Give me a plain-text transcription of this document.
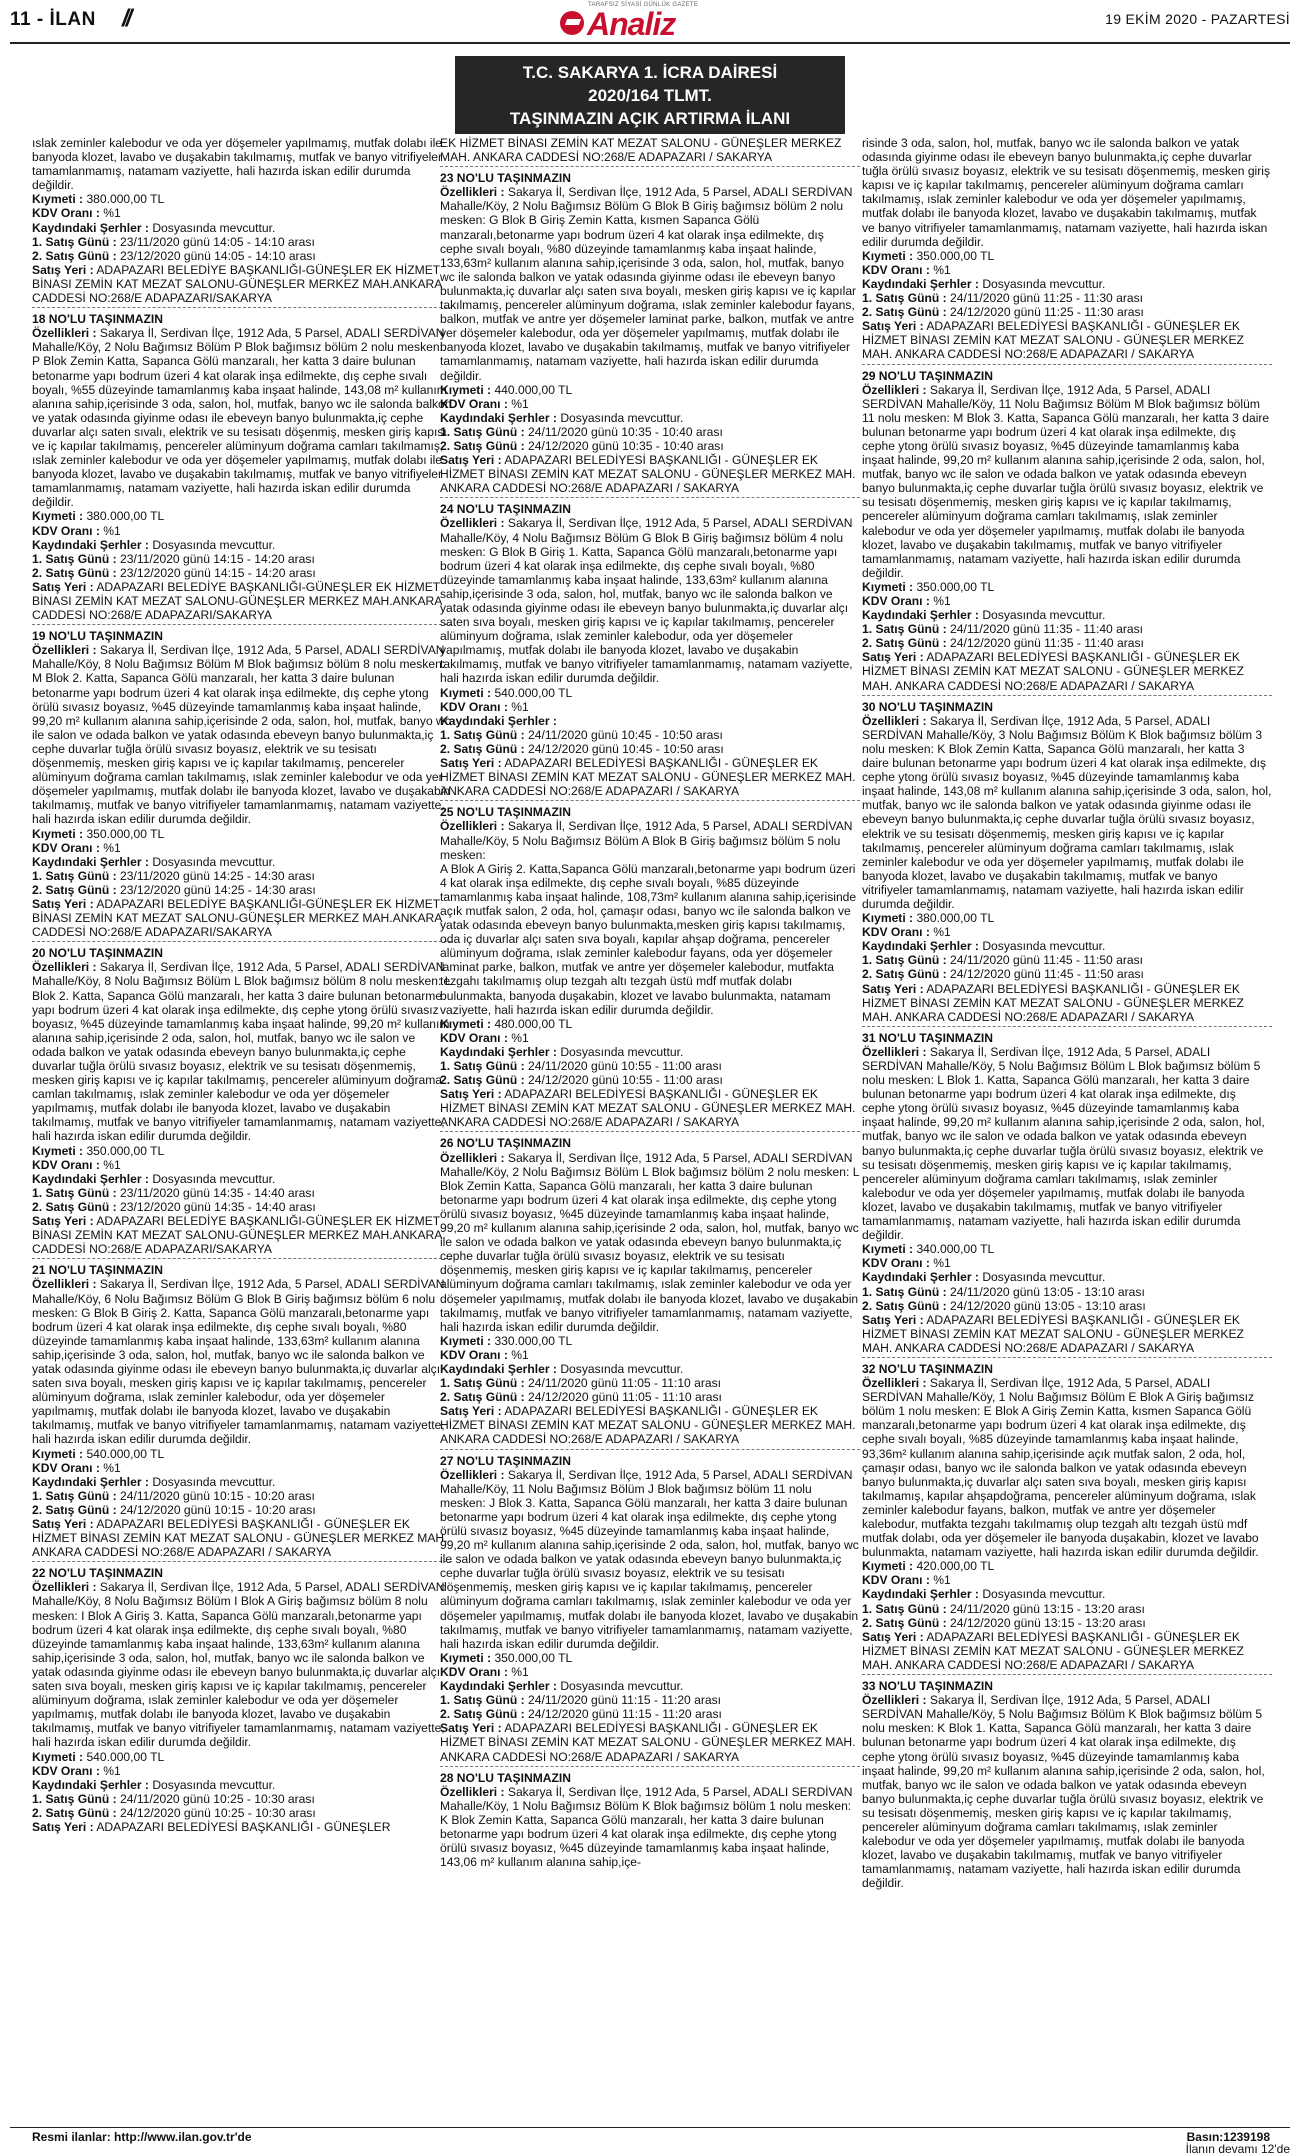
11 - İLAN //	TARAFSIZ SİYASİ GÜNLÜK GAZETE
Analiz	19 EKİM 2020 - PAZARTESİ
T.C. SAKARYA 1. İCRA DAİRESİ
2020/164 TLMT.
TAŞINMAZIN AÇIK ARTIRMA İLANI

ıslak zeminler kalebodur ve oda yer döşemeler yapılmamış, mutfak dolabı ile banyoda klozet, lavabo ve duşakabin takılmamış, mutfak ve banyo vitrifiyeler tamamlanmamış, natamam vaziyette, hali hazırda iskan edilir durumda değildir.

Kıymeti : 380.000,00 TL

KDV Oranı : %1

Kaydındaki Şerhler : Dosyasında mevcuttur.

1. Satış Günü : 23/11/2020 günü 14:05 - 14:10 arası

2. Satış Günü : 23/12/2020 günü 14:05 - 14:10 arası

Satış Yeri : ADAPAZARI BELEDİYE BAŞKANLIĞI-GÜNEŞLER EK HİZMET BİNASI ZEMİN KAT MEZAT SALONU-GÜNEŞLER MERKEZ MAH.ANKARA CADDESİ NO:268/E ADAPAZARI/SAKARYA

18 NO'LU TAŞINMAZIN

Özellikleri : Sakarya İl, Serdivan İlçe, 1912 Ada, 5 Parsel, ADALI SERDİVAN Mahalle/Köy, 2 Nolu Bağımsız Bölüm P Blok bağımsız bölüm 2 nolu mesken: P Blok Zemin Katta, Sapanca Gölü manzaralı, her katta 3 daire bulunan betonarme yapı bodrum üzeri 4 kat olarak inşa edilmekte, dış cephe sıvalı boyalı, %55 düzeyinde tamamlanmış kaba inşaat halinde, 143,08 m² kullanım alanına sahip,içerisinde 3 oda, salon, hol, mutfak, banyo wc ile salonda balkon ve yatak odasında giyinme odası ile ebeveyn banyo bulunmakta,iç cephe duvarlar alçı saten sıvalı, elektrik ve su tesisatı döşenmiş, mesken giriş kapısı ve iç kapılar takılmamış, pencereler alüminyum doğrama camları takılmamış, ıslak zeminler kalebodur ve oda yer döşemeler yapılmamış, mutfak dolabı ile banyoda klozet, lavabo ve duşakabin takılmamış, mutfak ve banyo vitrifiyeler tamamlanmamış, natamam vaziyette, hali hazırda iskan edilir durumda değildir.

Kıymeti : 380.000,00 TL

KDV Oranı : %1

Kaydındaki Şerhler : Dosyasında mevcuttur.

1. Satış Günü : 23/11/2020 günü 14:15 - 14:20 arası

2. Satış Günü : 23/12/2020 günü 14:15 - 14:20 arası

Satış Yeri : ADAPAZARI BELEDİYE BAŞKANLIĞI-GÜNEŞLER EK HİZMET BİNASI ZEMİN KAT MEZAT SALONU-GÜNEŞLER MERKEZ MAH.ANKARA CADDESİ NO:268/E ADAPAZARI/SAKARYA

19 NO'LU TAŞINMAZIN

Özellikleri : Sakarya İl, Serdivan İlçe, 1912 Ada, 5 Parsel, ADALI SERDİVAN Mahalle/Köy, 8 Nolu Bağımsız Bölüm M Blok bağımsız bölüm 8 nolu mesken: M Blok 2. Katta, Sapanca Gölü manzaralı, her katta 3 daire bulunan betonarme yapı bodrum üzeri 4 kat olarak inşa edilmekte, dış cephe ytong örülü sıvasız boyasız, %45 düzeyinde tamamlanmış kaba inşaat halinde, 99,20 m² kullanım alanına sahip,içerisinde 2 oda, salon, hol, mutfak, banyo wc ile salon ve odada balkon ve yatak odasında ebeveyn banyo bulunmakta,iç cephe duvarlar tuğla örülü sıvasız boyasız, elektrik ve su tesisatı döşenmemiş, mesken giriş kapısı ve iç kapılar takılmamış, pencereler alüminyum doğrama camlan takılmamış, ıslak zeminler kalebodur ve oda yer döşemeler yapılmamış, mutfak dolabı ile banyoda klozet, lavabo ve duşakabin takılmamış, mutfak ve banyo vitrifiyeler tamamlanmamış, natamam vaziyette, hali hazırda iskan edilir durumda değildir.

Kıymeti : 350.000,00 TL

KDV Oranı : %1

Kaydındaki Şerhler : Dosyasında mevcuttur.

1. Satış Günü : 23/11/2020 günü 14:25 - 14:30 arası

2. Satış Günü : 23/12/2020 günü 14:25 - 14:30 arası

Satış Yeri : ADAPAZARI BELEDİYE BAŞKANLIĞI-GÜNEŞLER EK HİZMET BİNASI ZEMİN KAT MEZAT SALONU-GÜNEŞLER MERKEZ MAH.ANKARA CADDESİ NO:268/E ADAPAZARI/SAKARYA

20 NO'LU TAŞINMAZIN

Özellikleri : Sakarya İl, Serdivan İlçe, 1912 Ada, 5 Parsel, ADALI SERDİVAN Mahalle/Köy, 8 Nolu Bağımsız Bölüm L Blok bağımsız bölüm 8 nolu mesken: L Blok 2. Katta, Sapanca Gölü manzaralı, her katta 3 daire bulunan betonarme yapı bodrum üzeri 4 kat olarak inşa edilmekte, dış cephe ytong örülü sıvasız boyasız, %45 düzeyinde tamamlanmış kaba inşaat halinde, 99,20 m² kullanım alanına sahip,içerisinde 2 oda, salon, hol, mutfak, banyo wc ile salon ve odada balkon ve yatak odasında ebeveyn banyo bulunmakta,iç cephe duvarlar tuğla örülü sıvasız boyasız, elektrik ve su tesisatı döşenmemiş, mesken giriş kapısı ve iç kapılar takılmamış, pencereler alüminyum doğrama camlan takılmamış, ıslak zeminler kalebodur ve oda yer döşemeler yapılmamış, mutfak dolabı ile banyoda klozet, lavabo ve duşakabin takılmamış, mutfak ve banyo vitrifiyeler tamamlanmamış, natamam vaziyette, hali hazırda iskan edilir durumda değildir.

Kıymeti : 350.000,00 TL

KDV Oranı : %1

Kaydındaki Şerhler : Dosyasında mevcuttur.

1. Satış Günü : 23/11/2020 günü 14:35 - 14:40 arası

2. Satış Günü : 23/12/2020 günü 14:35 - 14:40 arası

Satış Yeri : ADAPAZARI BELEDİYE BAŞKANLIĞI-GÜNEŞLER EK HİZMET BİNASI ZEMİN KAT MEZAT SALONU-GÜNEŞLER MERKEZ MAH.ANKARA CADDESİ NO:268/E ADAPAZARI/SAKARYA

21 NO'LU TAŞINMAZIN

Özellikleri : Sakarya İl, Serdivan İlçe, 1912 Ada, 5 Parsel, ADALI SERDİVAN Mahalle/Köy, 6 Nolu Bağımsız Bölüm G Blok B Giriş bağımsız bölüm 6 nolu mesken: G Blok B Giriş 2. Katta, Sapanca Gölü manzaralı,betonarme yapı bodrum üzeri 4 kat olarak inşa edilmekte, dış cephe sıvalı boyalı, %80 düzeyinde tamamlanmış kaba inşaat halinde, 133,63m² kullanım alanına sahip,içerisinde 3 oda, salon, hol, mutfak, banyo wc ile salonda balkon ve yatak odasında giyinme odası ile ebeveyn banyo bulunmakta,iç duvarlar alçı saten sıva boyalı, mesken giriş kapısı ve iç kapılar takılmamış, pencereler alüminyum doğrama, ıslak zeminler kalebodur, oda yer döşemeler yapılmamış, mutfak dolabı ile banyoda klozet, lavabo ve duşakabin takılmamış, mutfak ve banyo vitrifiyeler tamamlanmamış, natamam vaziyette, hali hazırda iskan edilir durumda değildir.

Kıymeti : 540.000,00 TL

KDV Oranı : %1

Kaydındaki Şerhler : Dosyasında mevcuttur.

1. Satış Günü : 24/11/2020 günü 10:15 - 10:20 arası

2. Satış Günü : 24/12/2020 günü 10:15 - 10:20 arası

Satış Yeri : ADAPAZARI BELEDİYESİ BAŞKANLIĞI - GÜNEŞLER EK HİZMET BİNASI ZEMİN KAT MEZAT SALONU - GÜNEŞLER MERKEZ MAH. ANKARA CADDESİ NO:268/E ADAPAZARI / SAKARYA

22 NO'LU TAŞINMAZIN

Özellikleri : Sakarya İl, Serdivan İlçe, 1912 Ada, 5 Parsel, ADALI SERDİVAN Mahalle/Köy, 8 Nolu Bağımsız Bölüm I Blok A Giriş bağımsız bölüm 8 nolu mesken: I Blok A Giriş 3. Katta, Sapanca Gölü manzaralı,betonarme yapı bodrum üzeri 4 kat olarak inşa edilmekte, dış cephe sıvalı boyalı, %80 düzeyinde tamamlanmış kaba inşaat halinde, 133,63m² kullanım alanına sahip,içerisinde 3 oda, salon, hol, mutfak, banyo wc ile salonda balkon ve yatak odasında giyinme odası ile ebeveyn banyo bulunmakta,iç duvarlar alçı saten sıva boyalı, mesken giriş kapısı ve iç kapılar takılmamış, pencereler alüminyum doğrama, ıslak zeminler kalebodur ve oda yer döşemeler yapılmamış, mutfak dolabı ile banyoda klozet, lavabo ve duşakabin takılmamış, mutfak ve banyo vitrifiyeler tamamlanmamış, natamam vaziyette, hali hazırda iskan edilir durumda değildir.

Kıymeti : 540.000,00 TL

KDV Oranı : %1

Kaydındaki Şerhler : Dosyasında mevcuttur.

1. Satış Günü : 24/11/2020 günü 10:25 - 10:30 arası

2. Satış Günü : 24/12/2020 günü 10:25 - 10:30 arası

Satış Yeri : ADAPAZARI BELEDİYESİ BAŞKANLIĞI - GÜNEŞLER

EK HİZMET BİNASI ZEMİN KAT MEZAT SALONU - GÜNEŞLER MERKEZ MAH. ANKARA CADDESİ NO:268/E ADAPAZARI / SAKARYA

23 NO'LU TAŞINMAZIN

Özellikleri : Sakarya İl, Serdivan İlçe, 1912 Ada, 5 Parsel, ADALI SERDİVAN Mahalle/Köy, 2 Nolu Bağımsız Bölüm G Blok B Giriş bağımsız bölüm 2 nolu mesken: G Blok B Giriş Zemin Katta, kısmen Sapanca Gölü manzaralı,betonarme yapı bodrum üzeri 4 kat olarak inşa edilmekte, dış cephe sıvalı boyalı, %80 düzeyinde tamamlanmış kaba inşaat halinde, 133,63m² kullanım alanına sahip,içerisinde 3 oda, salon, hol, mutfak, banyo wc ile salonda balkon ve yatak odasında giyinme odası ile ebeveyn banyo bulunmakta,iç duvarlar alçı saten sıva boyalı, mesken giriş kapısı ve iç kapılar takılmamış, pencereler alüminyum doğrama, ıslak zeminler kalebodur fayans, balkon, mutfak ve antre yer döşemeler laminat parke, balkon, mutfak ve antre yer döşemeler kalebodur, oda yer döşemeler yapılmamış, mutfak dolabı ile banyoda klozet, lavabo ve duşakabin takılmamış, mutfak ve banyo vitrifiyeler tamamlanmamış, natamam vaziyette, hali hazırda iskan edilir durumda değildir.

Kıymeti : 440.000,00 TL

KDV Oranı : %1

Kaydındaki Şerhler : Dosyasında mevcuttur.

1. Satış Günü : 24/11/2020 günü 10:35 - 10:40 arası

2. Satış Günü : 24/12/2020 günü 10:35 - 10:40 arası

Satış Yeri : ADAPAZARI BELEDİYESİ BAŞKANLIĞI - GÜNEŞLER EK HİZMET BİNASI ZEMİN KAT MEZAT SALONU - GÜNEŞLER MERKEZ MAH. ANKARA CADDESİ NO:268/E ADAPAZARI / SAKARYA

24 NO'LU TAŞINMAZIN

Özellikleri : Sakarya İl, Serdivan İlçe, 1912 Ada, 5 Parsel, ADALI SERDİVAN Mahalle/Köy, 4 Nolu Bağımsız Bölüm G Blok B Giriş bağımsız bölüm 4 nolu mesken: G Blok B Giriş 1. Katta, Sapanca Gölü manzaralı,betonarme yapı bodrum üzeri 4 kat olarak inşa edilmekte, dış cephe sıvalı boyalı, %80 düzeyinde tamamlanmış kaba inşaat halinde, 133,63m² kullanım alanına sahip,içerisinde 3 oda, salon, hol, mutfak, banyo wc ile salonda balkon ve yatak odasında giyinme odası ile ebeveyn banyo bulunmakta,iç duvarlar alçı saten sıva boyalı, mesken giriş kapısı ve iç kapılar takılmamış, pencereler alüminyum doğrama, ıslak zeminler kalebodur, oda yer döşemeler yapılmamış, mutfak dolabı ile banyoda klozet, lavabo ve duşakabin takılmamış, mutfak ve banyo vitrifiyeler tamamlanmamış, natamam vaziyette, hali hazırda iskan edilir durumda değildir.

Kıymeti : 540.000,00 TL

KDV Oranı : %1

Kaydındaki Şerhler :

1. Satış Günü : 24/11/2020 günü 10:45 - 10:50 arası

2. Satış Günü : 24/12/2020 günü 10:45 - 10:50 arası

Satış Yeri : ADAPAZARI BELEDİYESİ BAŞKANLIĞI - GÜNEŞLER EK HİZMET BİNASI ZEMİN KAT MEZAT SALONU - GÜNEŞLER MERKEZ MAH. ANKARA CADDESİ NO:268/E ADAPAZARI / SAKARYA

25 NO'LU TAŞINMAZIN

Özellikleri : Sakarya İl, Serdivan İlçe, 1912 Ada, 5 Parsel, ADALI SERDİVAN Mahalle/Köy, 5 Nolu Bağımsız Bölüm A Blok B Giriş bağımsız bölüm 5 nolu mesken:

A Blok A Giriş 2. Katta,Sapanca Gölü manzaralı,betonarme yapı bodrum üzeri 4 kat olarak inşa edilmekte, dış cephe sıvalı boyalı, %85 düzeyinde tamamlanmış kaba inşaat halinde, 108,73m² kullanım alanına sahip,içerisinde açık mutfak salon, 2 oda, hol, çamaşır odası, banyo wc ile salonda balkon ve yatak odasında ebeveyn banyo bulunmakta,mesken giriş kapısı takılmamış, oda iç duvarlar alçı saten sıva boyalı, kapılar ahşap doğrama, pencereler alüminyum doğrama, ıslak zeminler kalebodur fayans, oda yer döşemeler laminat parke, balkon, mutfak ve antre yer döşemeler kalebodur, mutfakta tezgahı takılmamış olup tezgah altı tezgah üstü mdf mutfak dolabı bulunmakta, banyoda duşakabin, klozet ve lavabo bulunmakta, natamam vaziyette, hali hazırda iskan edilir durumda değildir.

Kıymeti : 480.000,00 TL

KDV Oranı : %1

Kaydındaki Şerhler : Dosyasında mevcuttur.

1. Satış Günü : 24/11/2020 günü 10:55 - 11:00 arası

2. Satış Günü : 24/12/2020 günü 10:55 - 11:00 arası

Satış Yeri : ADAPAZARI BELEDİYESİ BAŞKANLIĞI - GÜNEŞLER EK HİZMET BİNASI ZEMİN KAT MEZAT SALONU - GÜNEŞLER MERKEZ MAH. ANKARA CADDESİ NO:268/E ADAPAZARI / SAKARYA

26 NO'LU TAŞINMAZIN

Özellikleri : Sakarya İl, Serdivan İlçe, 1912 Ada, 5 Parsel, ADALI SERDİVAN Mahalle/Köy, 2 Nolu Bağımsız Bölüm L Blok bağımsız bölüm 2 nolu mesken: L Blok Zemin Katta, Sapanca Gölü manzaralı, her katta 3 daire bulunan betonarme yapı bodrum üzeri 4 kat olarak inşa edilmekte, dış cephe ytong örülü sıvasız boyasız, %45 düzeyinde tamamlanmış kaba inşaat halinde, 99,20 m² kullanım alanına sahip,içerisinde 2 oda, salon, hol, mutfak, banyo wc ile salon ve odada balkon ve yatak odasında ebeveyn banyo bulunmakta,iç cephe duvarlar tuğla örülü sıvasız boyasız, elektrik ve su tesisatı döşenmemiş, mesken giriş kapısı ve iç kapılar takılmamış, pencereler alüminyum doğrama camları takılmamış, ıslak zeminler kalebodur ve oda yer döşemeler yapılmamış, mutfak dolabı ile banyoda klozet, lavabo ve duşakabin takılmamış, mutfak ve banyo vitrifiyeler tamamlanmamış, natamam vaziyette, hali hazırda iskan edilir durumda değildir.

Kıymeti : 330.000,00 TL

KDV Oranı : %1

Kaydındaki Şerhler : Dosyasında mevcuttur.

1. Satış Günü : 24/11/2020 günü 11:05 - 11:10 arası

2. Satış Günü : 24/12/2020 günü 11:05 - 11:10 arası

Satış Yeri : ADAPAZARI BELEDİYESİ BAŞKANLIĞI - GÜNEŞLER EK HİZMET BİNASI ZEMİN KAT MEZAT SALONU - GÜNEŞLER MERKEZ MAH. ANKARA CADDESİ NO:268/E ADAPAZARI / SAKARYA

27 NO'LU TAŞINMAZIN

Özellikleri : Sakarya İl, Serdivan İlçe, 1912 Ada, 5 Parsel, ADALI SERDİVAN Mahalle/Köy, 11 Nolu Bağımsız Bölüm J Blok bağımsız bölüm 11 nolu mesken: J Blok 3. Katta, Sapanca Gölü manzaralı, her katta 3 daire bulunan betonarme yapı bodrum üzeri 4 kat olarak inşa edilmekte, dış cephe ytong örülü sıvasız boyasız, %45 düzeyinde tamamlanmış kaba inşaat halinde, 99,20 m² kullanım alanına sahip,içerisinde 2 oda, salon, hol, mutfak, banyo wc ile salon ve odada balkon ve yatak odasında ebeveyn banyo bulunmakta,iç cephe duvarlar tuğla örülü sıvasız boyasız, elektrik ve su tesisatı döşenmemiş, mesken giriş kapısı ve iç kapılar takılmamış, pencereler alüminyum doğrama camları takılmamış, ıslak zeminler kalebodur ve oda yer döşemeler yapılmamış, mutfak dolabı ile banyoda klozet, lavabo ve duşakabin takılmamış, mutfak ve banyo vitrifiyeler tamamlanmamış, natamam vaziyette, hali hazırda iskan edilir durumda değildir.

Kıymeti : 350.000,00 TL

KDV Oranı : %1

Kaydındaki Şerhler : Dosyasında mevcuttur.

1. Satış Günü : 24/11/2020 günü 11:15 - 11:20 arası

2. Satış Günü : 24/12/2020 günü 11:15 - 11:20 arası

Satış Yeri : ADAPAZARI BELEDİYESİ BAŞKANLIĞI - GÜNEŞLER EK HİZMET BİNASI ZEMİN KAT MEZAT SALONU - GÜNEŞLER MERKEZ MAH. ANKARA CADDESİ NO:268/E ADAPAZARI / SAKARYA

28 NO'LU TAŞINMAZIN

Özellikleri : Sakarya İl, Serdivan İlçe, 1912 Ada, 5 Parsel, ADALI SERDİVAN Mahalle/Köy, 1 Nolu Bağımsız Bölüm K Blok bağımsız bölüm 1 nolu mesken: K Blok Zemin Katta, Sapanca Gölü manzaralı, her katta 3 daire bulunan betonarme yapı bodrum üzeri 4 kat olarak inşa edilmekte, dış cephe ytong örülü sıvasız boyasız, %45 düzeyinde tamamlanmış kaba inşaat halinde, 143,06 m² kullanım alanına sahip,içe-

risinde 3 oda, salon, hol, mutfak, banyo wc ile salonda balkon ve yatak odasında giyinme odası ile ebeveyn banyo bulunmakta,iç cephe duvarlar tuğla örülü sıvasız boyasız, elektrik ve su tesisatı döşenmemiş, mesken giriş kapısı ve iç kapılar takılmamış, pencereler alüminyum doğrama camları takılmamış, ıslak zeminler kalebodur ve oda yer döşemeler yapılmamış, mutfak dolabı ile banyoda klozet, lavabo ve duşakabin takılmamış, mutfak ve banyo vitrifiyeler tamamlanmamış, natamam vaziyette, hali hazırda iskan edilir durumda değildir.

Kıymeti : 350.000,00 TL

KDV Oranı : %1

Kaydındaki Şerhler : Dosyasında mevcuttur.

1. Satış Günü : 24/11/2020 günü 11:25 - 11:30 arası

2. Satış Günü : 24/12/2020 günü 11:25 - 11:30 arası

Satış Yeri : ADAPAZARI BELEDİYESİ BAŞKANLIĞI - GÜNEŞLER EK HİZMET BİNASI ZEMİN KAT MEZAT SALONU - GÜNEŞLER MERKEZ MAH. ANKARA CADDESİ NO:268/E ADAPAZARI / SAKARYA

29 NO'LU TAŞINMAZIN

Özellikleri : Sakarya İl, Serdivan İlçe, 1912 Ada, 5 Parsel, ADALI SERDİVAN Mahalle/Köy, 11 Nolu Bağımsız Bölüm M Blok bağımsız bölüm 11 nolu mesken: M Blok 3. Katta, Sapanca Gölü manzaralı, her katta 3 daire bulunan betonarme yapı bodrum üzeri 4 kat olarak inşa edilmekte, dış cephe ytong örülü sıvasız boyasız, %45 düzeyinde tamamlanmış kaba inşaat halinde, 99,20 m² kullanım alanına sahip,içerisinde 2 oda, salon, hol, mutfak, banyo wc ile salon ve odada balkon ve yatak odasında ebeveyn banyo bulunmakta,iç cephe duvarlar tuğla örülü sıvasız boyasız, elektrik ve su tesisatı döşenmemiş, mesken giriş kapısı ve iç kapılar takılmamış, pencereler alüminyum doğrama camları takılmamış, ıslak zeminler kalebodur ve oda yer döşemeler yapılmamış, mutfak dolabı ile banyoda klozet, lavabo ve duşakabin takılmamış, mutfak ve banyo vitrifiyeler tamamlanmamış, natamam vaziyette, hali hazırda iskan edilir durumda değildir.

Kıymeti : 350.000,00 TL

KDV Oranı : %1

Kaydındaki Şerhler : Dosyasında mevcuttur.

1. Satış Günü : 24/11/2020 günü 11:35 - 11:40 arası

2. Satış Günü : 24/12/2020 günü 11:35 - 11:40 arası

Satış Yeri : ADAPAZARI BELEDİYESİ BAŞKANLIĞI - GÜNEŞLER EK HİZMET BİNASI ZEMİN KAT MEZAT SALONU - GÜNEŞLER MERKEZ MAH. ANKARA CADDESİ NO:268/E ADAPAZARI / SAKARYA

30 NO'LU TAŞINMAZIN

Özellikleri : Sakarya İl, Serdivan İlçe, 1912 Ada, 5 Parsel, ADALI SERDİVAN Mahalle/Köy, 3 Nolu Bağımsız Bölüm K Blok bağımsız bölüm 3 nolu mesken: K Blok Zemin Katta, Sapanca Gölü manzaralı, her katta 3 daire bulunan betonarme yapı bodrum üzeri 4 kat olarak inşa edilmekte, dış cephe ytong örülü sıvasız boyasız, %45 düzeyinde tamamlanmış kaba inşaat halinde, 143,08 m² kullanım alanına sahip,içerisinde 3 oda, salon, hol, mutfak, banyo wc ile salonda balkon ve yatak odasında giyinme odası ile ebeveyn banyo bulunmakta,iç cephe duvarlar tuğla örülü sıvasız boyasız, elektrik ve su tesisatı döşenmemiş, mesken giriş kapısı ve iç kapılar takılmamış, pencereler alüminyum doğrama camları takılmamış, ıslak zeminler kalebodur ve oda yer döşemeler yapılmamış, mutfak dolabı ile banyoda klozet, lavabo ve duşakabin takılmamış, mutfak ve banyo vitrifiyeler tamamlanmamış, natamam vaziyette, hali hazırda iskan edilir durumda değildir.

Kıymeti : 380.000,00 TL

KDV Oranı : %1

Kaydındaki Şerhler : Dosyasında mevcuttur.

1. Satış Günü : 24/11/2020 günü 11:45 - 11:50 arası

2. Satış Günü : 24/12/2020 günü 11:45 - 11:50 arası

Satış Yeri : ADAPAZARI BELEDİYESİ BAŞKANLIĞI - GÜNEŞLER EK HİZMET BİNASI ZEMİN KAT MEZAT SALONU - GÜNEŞLER MERKEZ MAH. ANKARA CADDESİ NO:268/E ADAPAZARI / SAKARYA

31 NO'LU TAŞINMAZIN

Özellikleri : Sakarya İl, Serdivan İlçe, 1912 Ada, 5 Parsel, ADALI SERDİVAN Mahalle/Köy, 5 Nolu Bağımsız Bölüm L Blok bağımsız bölüm 5 nolu mesken: L Blok 1. Katta, Sapanca Gölü manzaralı, her katta 3 daire bulunan betonarme yapı bodrum üzeri 4 kat olarak inşa edilmekte, dış cephe ytong örülü sıvasız boyasız, %45 düzeyinde tamamlanmış kaba inşaat halinde, 99,20 m² kullanım alanına sahip,içerisinde 2 oda, salon, hol, mutfak, banyo wc ile salon ve odada balkon ve yatak odasında ebeveyn banyo bulunmakta,iç cephe duvarlar tuğla örülü sıvasız boyasız, elektrik ve su tesisatı döşenmemiş, mesken giriş kapısı ve iç kapılar takılmamış, pencereler alüminyum doğrama camları takılmamış, ıslak zeminler kalebodur ve oda yer döşemeler yapılmamış, mutfak dolabı ile banyoda klozet, lavabo ve duşakabin takılmamış, mutfak ve banyo vitrifiyeler tamamlanmamış, natamam vaziyette, hali hazırda iskan edilir durumda değildir.

Kıymeti : 340.000,00 TL

KDV Oranı : %1

Kaydındaki Şerhler : Dosyasında mevcuttur.

1. Satış Günü : 24/11/2020 günü 13:05 - 13:10 arası

2. Satış Günü : 24/12/2020 günü 13:05 - 13:10 arası

Satış Yeri : ADAPAZARI BELEDİYESİ BAŞKANLIĞI - GÜNEŞLER EK HİZMET BİNASI ZEMİN KAT MEZAT SALONU - GÜNEŞLER MERKEZ MAH. ANKARA CADDESİ NO:268/E ADAPAZARI / SAKARYA

32 NO'LU TAŞINMAZIN

Özellikleri : Sakarya İl, Serdivan İlçe, 1912 Ada, 5 Parsel, ADALI SERDİVAN Mahalle/Köy, 1 Nolu Bağımsız Bölüm E Blok A Giriş bağımsız bölüm 1 nolu mesken: E Blok A Giriş Zemin Katta, kısmen Sapanca Gölü manzaralı,betonarme yapı bodrum üzeri 4 kat olarak inşa edilmekte, dış cephe sıvalı boyalı, %85 düzeyinde tamamlanmış kaba inşaat halinde, 93,36m² kullanım alanına sahip,içerisinde açık mutfak salon, 2 oda, hol, çamaşır odası, banyo wc ile salonda balkon ve yatak odasında ebeveyn banyo bulunmakta,iç duvarlar alçı saten sıva boyalı, mesken giriş kapısı takılmamış, kapılar ahşapdoğrama, pencereler alüminyum doğrama, ıslak zeminler kalebodur fayans, balkon, mutfak ve antre yer döşemeler kalebodur, mutfakta tezgahı takılmamış olup tezgah altı tezgah üstü mdf mutfak dolabı, oda yer döşemeler ile banyoda duşakabin, klozet ve lavabo bulunmakta, natamam vaziyette, hali hazırda iskan edilir durumda değildir.

Kıymeti : 420.000,00 TL

KDV Oranı : %1

Kaydındaki Şerhler : Dosyasında mevcuttur.

1. Satış Günü : 24/11/2020 günü 13:15 - 13:20 arası

2. Satış Günü : 24/12/2020 günü 13:15 - 13:20 arası

Satış Yeri : ADAPAZARI BELEDİYESİ BAŞKANLIĞI - GÜNEŞLER EK HİZMET BİNASI ZEMİN KAT MEZAT SALONU - GÜNEŞLER MERKEZ MAH. ANKARA CADDESİ NO:268/E ADAPAZARI / SAKARYA

33 NO'LU TAŞINMAZIN

Özellikleri : Sakarya İl, Serdivan İlçe, 1912 Ada, 5 Parsel, ADALI SERDİVAN Mahalle/Köy, 5 Nolu Bağımsız Bölüm K Blok bağımsız bölüm 5 nolu mesken: K Blok 1. Katta, Sapanca Gölü manzaralı, her katta 3 daire bulunan betonarme yapı bodrum üzeri 4 kat olarak inşa edilmekte, dış cephe ytong örülü sıvasız boyasız, %45 düzeyinde tamamlanmış kaba inşaat halinde, 99,20 m² kullanım alanına sahip,içerisinde 2 oda, salon, hol, mutfak, banyo wc ile salon ve odada balkon ve yatak odasında ebeveyn banyo bulunmakta,iç cephe duvarlar tuğla örülü sıvasız boyasız, elektrik ve su tesisatı döşenmemiş, mesken giriş kapısı ve iç kapılar takılmamış, pencereler alüminyum doğrama camları takılmamış, ıslak zeminler kalebodur ve oda yer döşemeler yapılmamış, mutfak dolabı ile banyoda klozet, lavabo ve duşakabin takılmamış, mutfak ve banyo vitrifiyeler tamamlanmamış, natamam vaziyette, hali hazırda iskan edilir durumda değildir.

Resmi ilanlar: http://www.ilan.gov.tr'de	Basın:1239198
İlanın devamı 12'de
